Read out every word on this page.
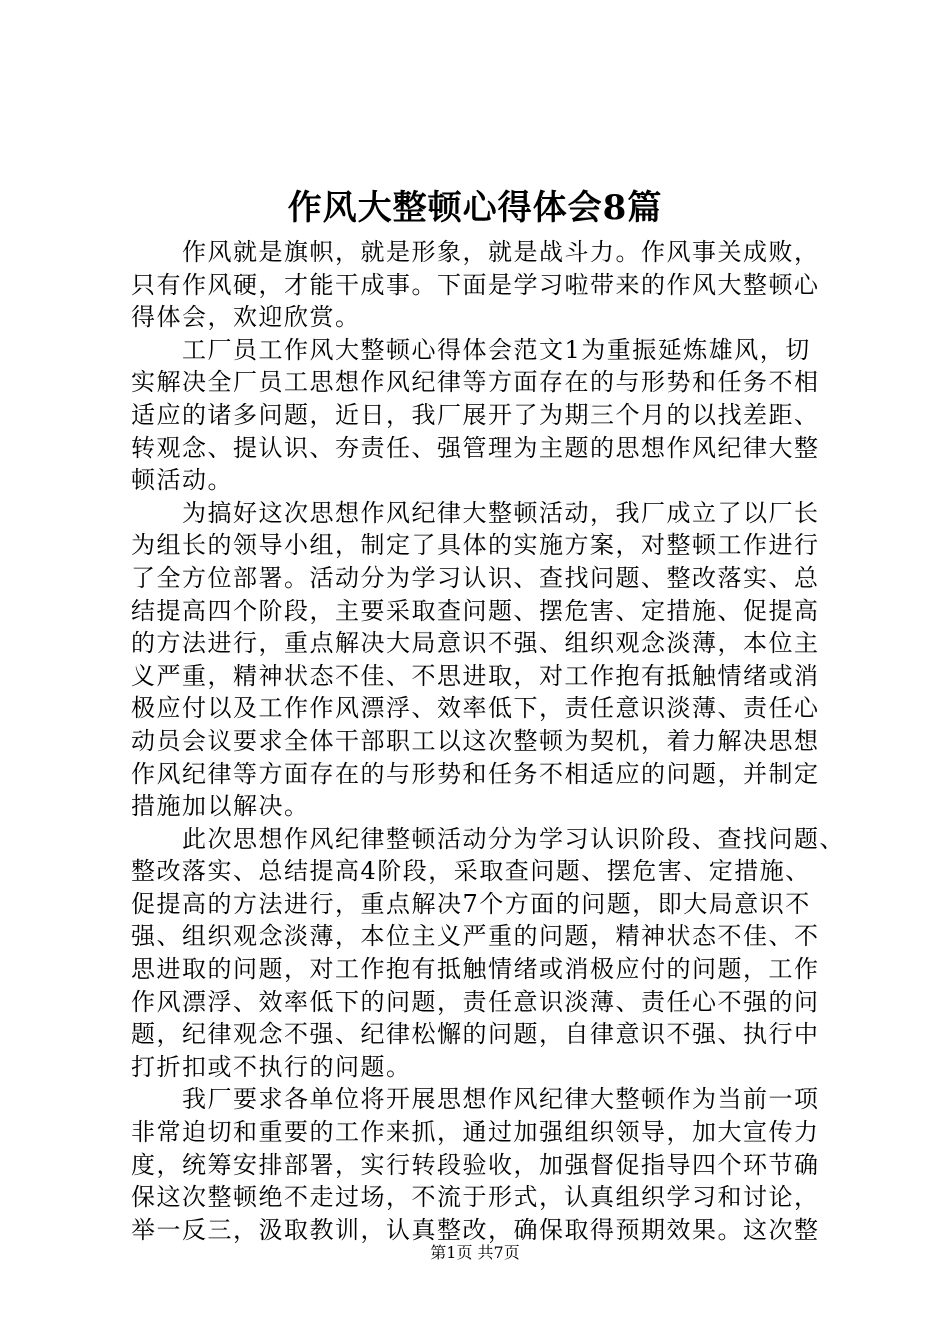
作风大整顿心得体会8篇
　　作风就是旗帜，就是形象，就是战斗力。作风事关成败，
只有作风硬，才能干成事。下面是学习啦带来的作风大整顿心
得体会，欢迎欣赏。
　　工厂员工作风大整顿心得体会范文1为重振延炼雄风，切
实解决全厂员工思想作风纪律等方面存在的与形势和任务不相
适应的诸多问题，近日，我厂展开了为期三个月的以找差距、
转观念、提认识、夯责任、强管理为主题的思想作风纪律大整
顿活动。
　　为搞好这次思想作风纪律大整顿活动，我厂成立了以厂长
为组长的领导小组，制定了具体的实施方案，对整顿工作进行
了全方位部署。活动分为学习认识、查找问题、整改落实、总
结提高四个阶段，主要采取查问题、摆危害、定措施、促提高
的方法进行，重点解决大局意识不强、组织观念淡薄，本位主
义严重，精神状态不佳、不思进取，对工作抱有抵触情绪或消
极应付以及工作作风漂浮、效率低下，责任意识淡薄、责任心
动员会议要求全体干部职工以这次整顿为契机，着力解决思想
作风纪律等方面存在的与形势和任务不相适应的问题，并制定
措施加以解决。
　　此次思想作风纪律整顿活动分为学习认识阶段、查找问题、
整改落实、总结提高4阶段，采取查问题、摆危害、定措施、
促提高的方法进行，重点解决7个方面的问题，即大局意识不
强、组织观念淡薄，本位主义严重的问题，精神状态不佳、不
思进取的问题，对工作抱有抵触情绪或消极应付的问题，工作
作风漂浮、效率低下的问题，责任意识淡薄、责任心不强的问
题，纪律观念不强、纪律松懈的问题，自律意识不强、执行中
打折扣或不执行的问题。
　　我厂要求各单位将开展思想作风纪律大整顿作为当前一项
非常迫切和重要的工作来抓，通过加强组织领导，加大宣传力
度，统筹安排部署，实行转段验收，加强督促指导四个环节确
保这次整顿绝不走过场，不流于形式，认真组织学习和讨论，
举一反三，汲取教训，认真整改，确保取得预期效果。这次整
第1页 共7页
